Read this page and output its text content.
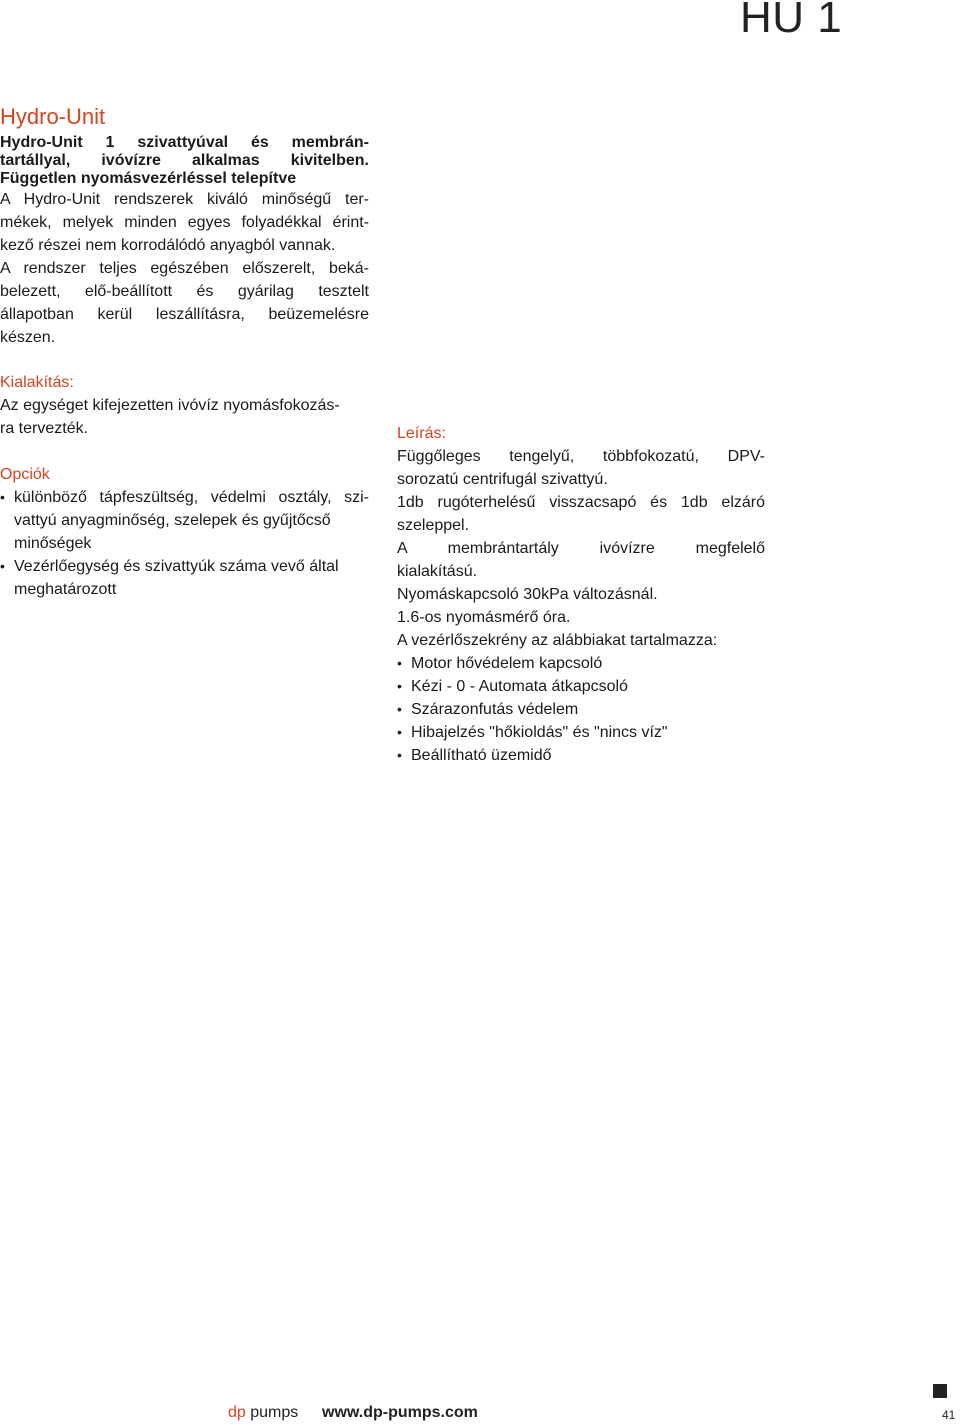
HU 1
Hydro-Unit
Hydro-Unit 1 szivattyúval és membrán-
tartállyal, ivóvízre alkalmas kivitelben.
Független nyomásvezérléssel telepítve

A Hydro-Unit rendszerek kiváló minőségű ter-

mékek, melyek minden egyes folyadékkal érint-

kező részei nem korrodálódó anyagból vannak.

A rendszer teljes egészében előszerelt, beká-

belezett, elő-beállított és gyárilag tesztelt

állapotban kerül leszállításra, beüzemelésre

készen.

Kialakítás:

Az egységet kifejezetten ivóvíz nyomásfokozás-

ra tervezték.

Opciók
• különböző tápfeszültség, védelmi osztály, szi-
vattyú anyagminőség, szelepek és gyűjtőcső
minőségek
• Vezérlőegység és szivattyúk száma vevő által
meghatározott
Leírás:

Függőleges tengelyű, többfokozatú, DPV-

sorozatú centrifugál szivattyú.

1db rugóterhelésű visszacsapó és 1db elzáró

szeleppel.

A membrántartály ivóvízre megfelelő

kialakítású.

Nyomáskapcsoló 30kPa változásnál.

1.6-os nyomásmérő óra.

A vezérlőszekrény az alábbiakat tartalmazza:

• Motor hővédelem kapcsoló
• Kézi - 0 - Automata átkapcsoló
• Szárazonfutás védelem
• Hibajelzés "hőkioldás" és "nincs víz"
• Beállítható üzemidő
dp pumps www.dp-pumps.com	41
